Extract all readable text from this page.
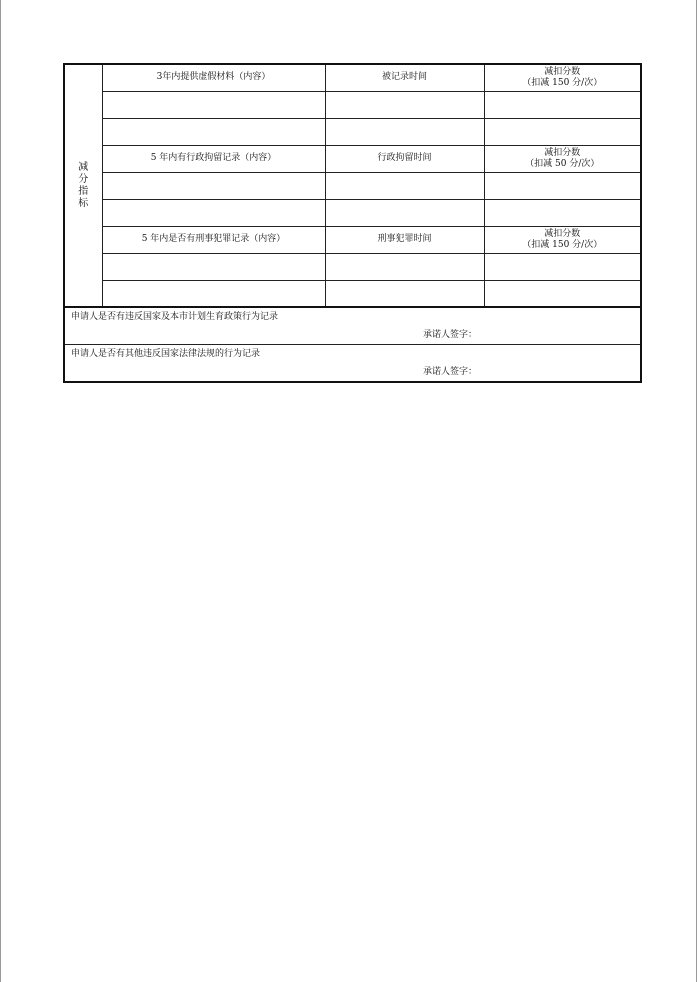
减分指标	3年内提供虚假材料（内容）	被记录时间	减扣分数
（扣减 150 分/次）

	5 年内有行政拘留记录（内容）	行政拘留时间	减扣分数
（扣减 50 分/次）

	5 年内是否有刑事犯罪记录（内容）	刑事犯罪时间	减扣分数
（扣减 150 分/次）

申请人是否有违反国家及本市计划生育政策行为记录
承诺人签字：			

申请人是否有其他违反国家法律法规的行为记录
承诺人签字：			
